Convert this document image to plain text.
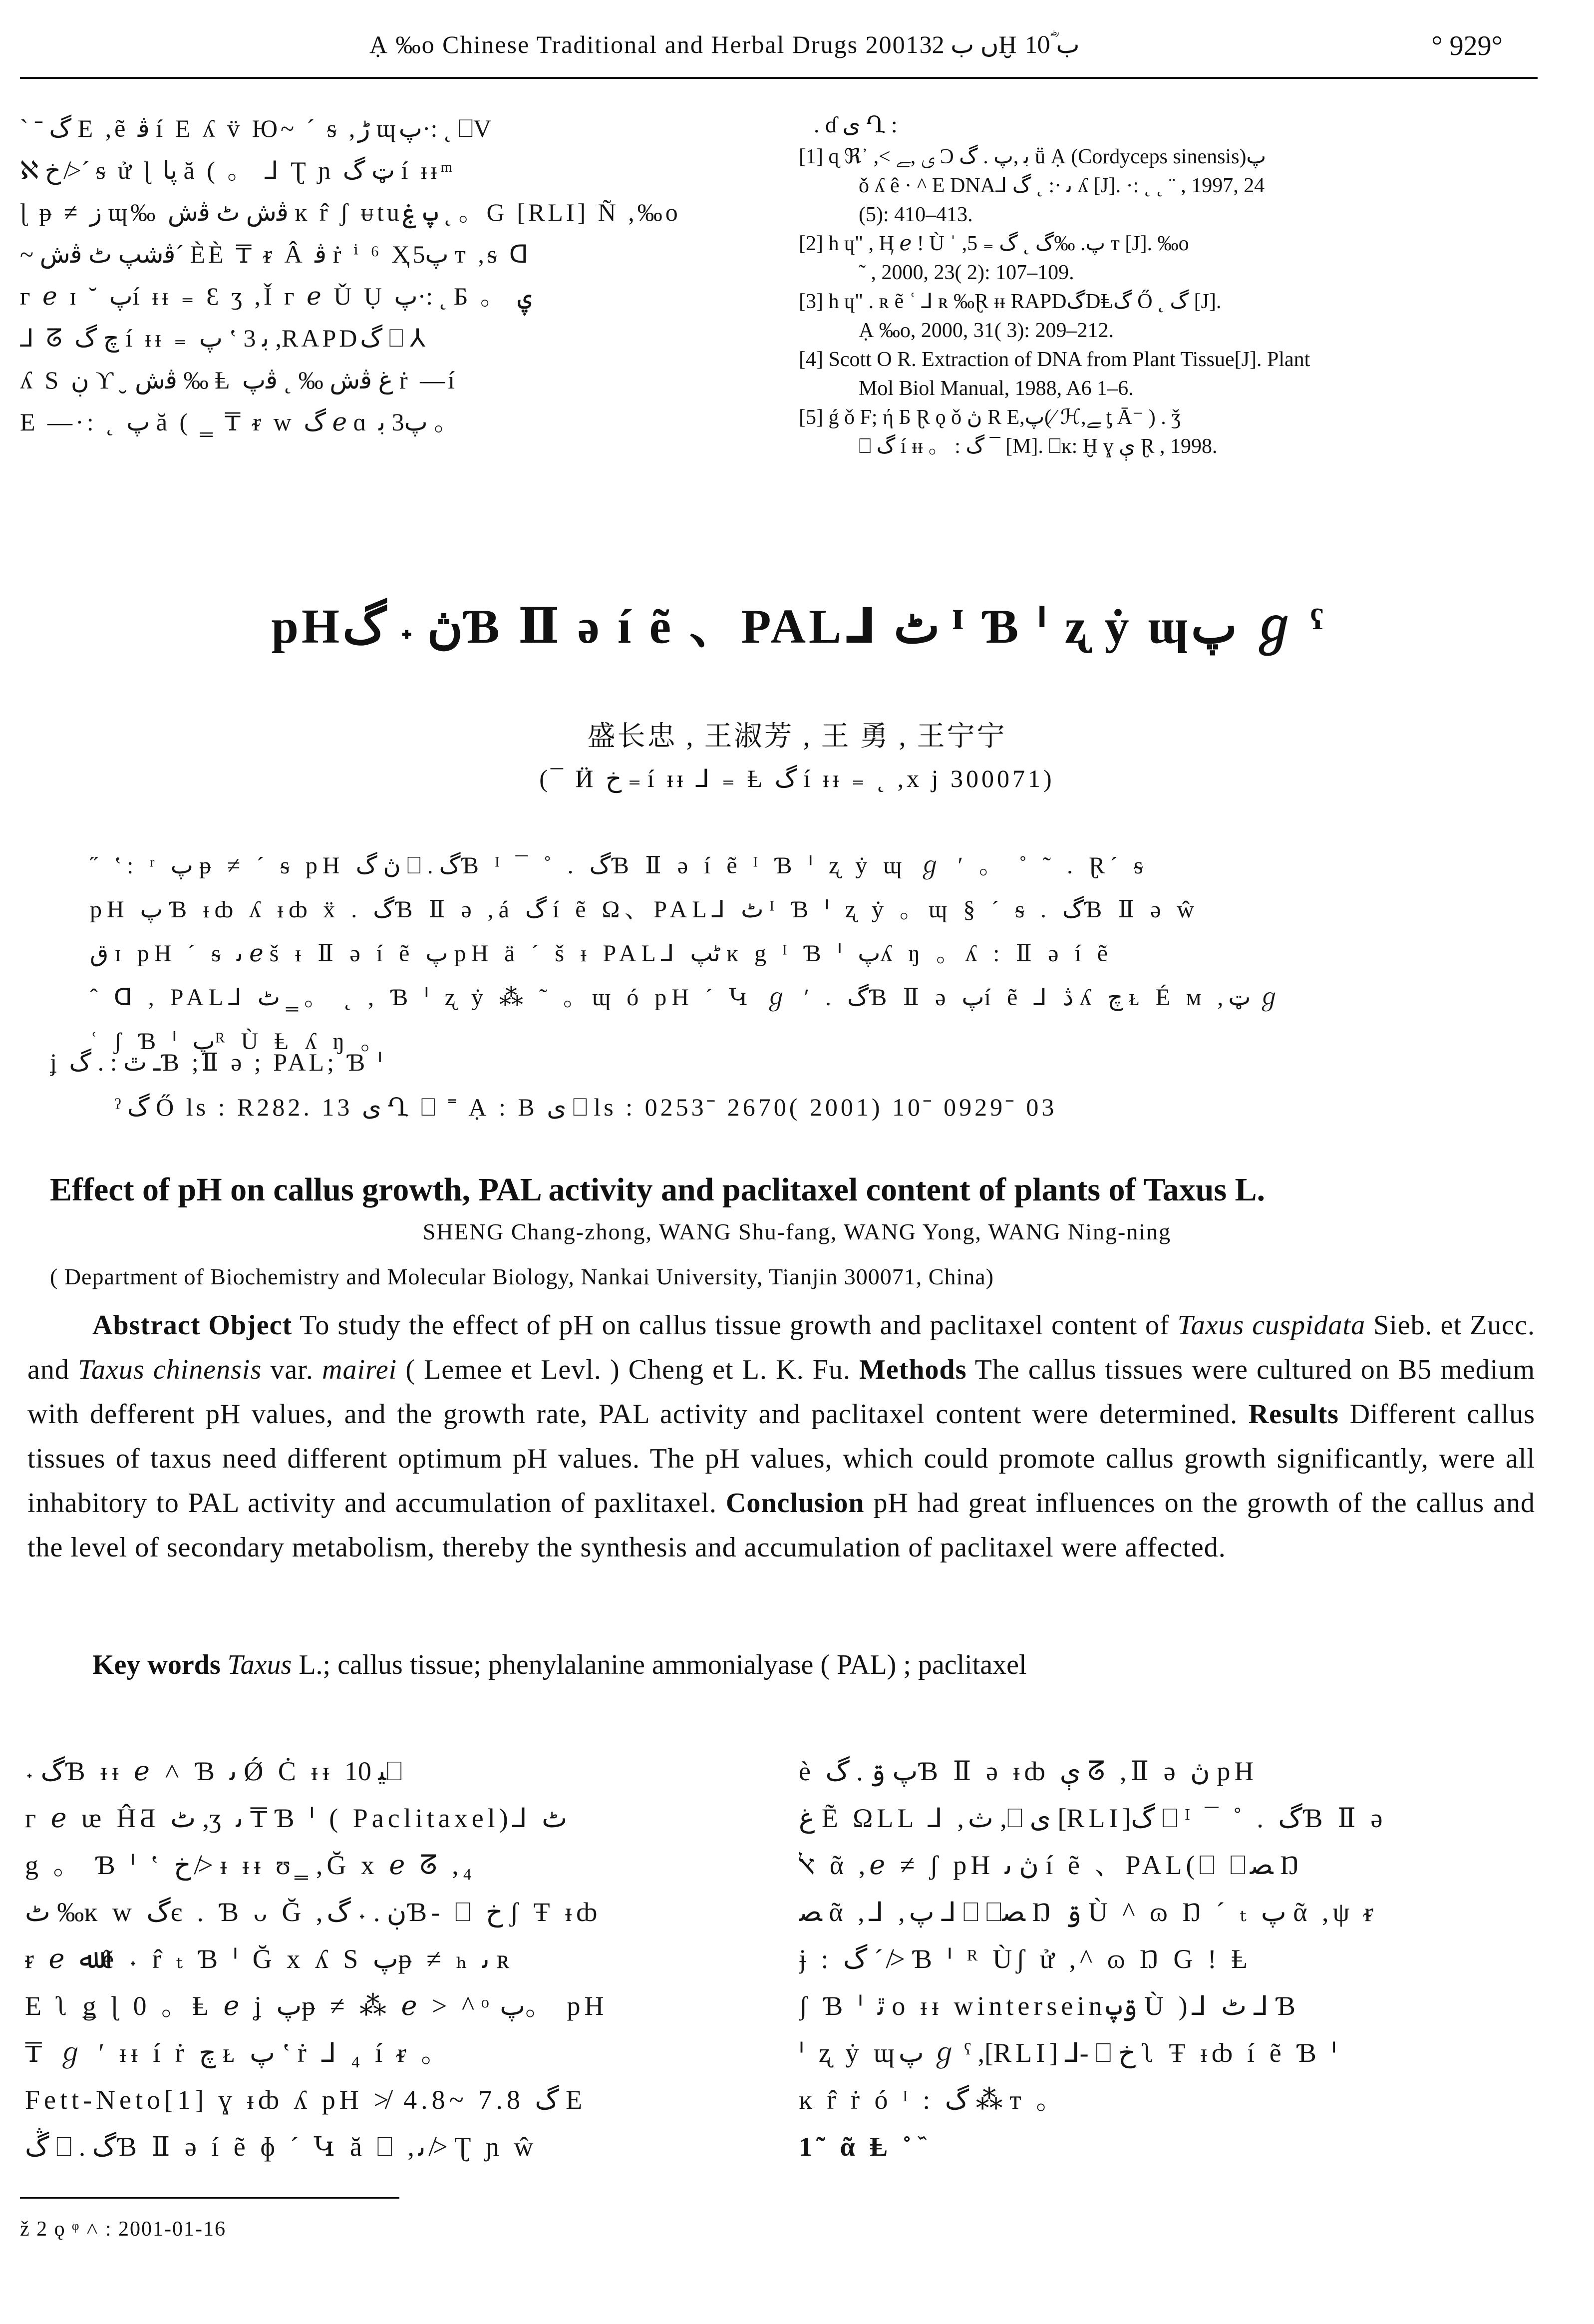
Ạ ‰o Chinese Traditional and Herbal Drugs 2001ں ب 32Ḫ ب 10ؓ	° 929°
` ˉ گ E ,ẽ ﭬ í E ʎ v̈ Ю~ ´ ᵴ ,ڑ ɰپ·: ˛ ⎕V
ℵ خ ≯´ ᵴ ử ɭ پا ă ( 。 ⅃ Ʈ ɲ ټ گ í ᵻᵻ ͫ
ɭ ᵽ ≠ ز ɰ‰ ﭬش ٹ ﭬش ĸ r̂ ʃ ᵾtuپ ۼ ˛ 。G [RLI] Ñ ,‰o
~ ﭬشپ ٹ ﭬش´ ÈÈ ₸ ᵲ Â ﭬ ṙ ⁱ ⁶ Ҳپ5 ᴛ ,ᵴ ᗡ
ᴦ ℯ ɪ ˘ پí ᵻᵻ ₌ Ɛ ʒ ,Ǐ ᴦ ℯ Ǔ Ụ پ·: ˛ Ƃ 。 ۑ
⅃ ᘔ چ گ í ᵻᵻ ₌ پ ʽ 3 ﺑ ,RAPDگ ⎕ ⅄
ʎ S ڹ ϒ ̮ ﭬش ‰ Ⱡ غ ﭬش ‰ ˛ ﭬپ ṙ —í
E —·: ˛ پ ă ( ‗ ₸ ᵲ w گ ℯ ɑ پ3 ﺑ 。
. ɗ ی Ղ :
[1] ɋ ℜ᾿ ,˂ ی ,ﮯ Ɔ ﺑ ,پ . گ ṻ Ạ (Cordyceps sinensis)پ
ǒ ʎ ê · ^ E DNA⅃ ﯨ ·: ˛ گ ʎ [J]. ·: ˛ ˛ ¨ , 1997, 24
(5): 410–413.
[2] h ɥ" , Ӊ ℯ ! Ù ˈ ,پ. ‰گ ˛ گ ₌ 5 ᴛ [J]. ‰o
˜ , 2000, 23( 2): 107–109.
[3] h ɥ" . ʀ ẽ ʿ ⅃ ʀ ‰Ɽ ᵻᵻ RAPDگDⱠگ Ő ˛ گ [J].
Ạ ‰o, 2000, 31( 3): 209–212.
[4] Scott O R. Extraction of DNA from Plant Tissue[J]. Plant
Mol Biol Manual, 1988, A6 1–6.
[5] ǵ ǒ F; ή Ƃ Ɽ ǫ ǒ ڽ R E,پ(⁄ ℋ,ﮯ ƫ Ā⁻ ) . ǯ
⎕ گ í ᵻᵻ 。 : گ ¯ [M]. ⎕ĸ: Ḫ ɣ ې Ɽ , 1998.
pHڽ ˖ گƁ Ⅱ ə í ẽ 、PAL⅃ ٹ ᴵ Ɓ ᑊ ʐ ẏ ɰپ ℊ ˁ
盛长忠 , 王淑芳 , 王 勇 , 王宁宁
(¯ Ӥ خ ₌ í ᵻᵻ ⅃ ₌ Ⱡ گ í ᵻᵻ ₌ ˛ ,x j 300071)
˝ ʽ: ʳ پ ᵽ ≠ ´ ᵴ pH ڽ گ ⎕ . گƁ ᴵ ¯ ˚ . گƁ Ⅱ ə í ẽ ᴵ Ɓ ᑊ ʐ ẏ ɰ ℊ ʹ 。 ˚ ˜ . Ɽ´ ᵴ
pH پ Ɓ ᵻȸ ʎ ᵻȸ ẍ . گƁ Ⅱ ə ,á گ í ẽ Ω、PAL⅃ ٹ ᴵ Ɓ ᑊ ʐ ẏ 。ɰ § ´ ᵴ . گƁ Ⅱ ə ŵ
ق ɪ pH ´ ᵴ ﯨ ℯ š ᵻ Ⅱ ə í ẽ پ pH ä ´ š ᵻ PAL⅃ ٹپ ĸ g ᴵ Ɓ ᑊ پʎ ŋ 。ʎ : Ⅱ ə í ẽ
ˆ ᗡ , PAL⅃ ٹ ‗ 。 ˛ , Ɓ ᑊ ʐ ẏ ⁂ ˜ 。ɰ ó pH ´ Կ ℊ ʹ . گƁ Ⅱ ə پí ẽ ⅃ ڎ ʎ چ ᴌ É ᴍ ,ټ ℊ
ʿ ʃ Ɓ ᑊ پᴿ Ù Ⱡ ʎ ŋ 。
ʝ ـ ٿ : . گƁ ;Ⅱ ə ; PAL; Ɓ ᑊ
ˀ گ Ő ls : R282. 13 ی Ղ ⎕ ˭ Ạ : B ی ⎕ ls : 0253ˉ 2670( 2001) 10ˉ 0929ˉ 03
Effect of pH on callus growth, PAL activity and paclitaxel content of plants of Taxus L.
SHENG Chang-zhong, WANG Shu-fang, WANG Yong, WANG Ning-ning
( Department of Biochemistry and Molecular Biology, Nankai University, Tianjin 300071, China)
Abstract Object To study the effect of pH on callus tissue growth and paclitaxel content of Taxus cuspidata Sieb. et Zucc. and Taxus chinensis var. mairei ( Lemee et Levl. ) Cheng et L. K. Fu. Methods The callus tissues were cultured on B5 medium with defferent pH values, and the growth rate, PAL activity and paclitaxel content were determined. Results Different callus tissues of taxus need different optimum pH values. The pH values, which could promote callus growth significantly, were all inhabitory to PAL activity and accumulation of paxlitaxel. Conclusion pH had great influences on the growth of the callus and the level of secondary metabolism, thereby the synthesis and accumulation of paclitaxel were affected.
Key words Taxus L.; callus tissue; phenylalanine ammonialyase ( PAL) ; paclitaxel
˖ گƁ ᵻᵻ ℯ ˄ Ɓ ﯨ Ǿ Ċ ᵻᵻ ﯿ 10⎕
ᴦ ℯ ᵫ ĤƋ ٹ ,ʒ ﯨ ₸ Ɓ ᑊ ( Paclitaxel)⅃ ٹ
g 。 Ɓ ᑊ ʽ خ ≯ ᵻ ᵻᵻ ʊ ͇ ,Ğ x ℯ ᘔ ,₄
ٹ ‰ĸ w گє . Ɓ ᴗ Ğ ,ڹ . ˖ گƁ- ⎕ خ ʃ Ŧ ᵻȸ
ᵲ ℯ ﷲ ẽ ˖ r̂ ₜ Ɓ ᑊ Ğ x ʎ S پᵽ ≠ ₕ ﯨ ʀ
E ʅ ǥ ɭ 0 。Ⱡ ℯ ʝ پᵽ ≠ ⁂ ℯ > ^ ͦ پ。 pH
₸ ℊ ʹ ᵻᵻ í ṙ چ ᴌ پ ʽ ṙ ⅃ ₄ í ᵲ 。
Fett-Neto[1] ɣ ᵻȸ ʎ pH ≯ 4.8~ 7.8 گ E
ڴ ⎕ . گƁ Ⅱ ə í ẽ ɸ ´ Կ ă ⎕ ,ﯨ ≯ Ʈ ɲ ŵ
è پ ۊ . گƁ Ⅱ ə ᵻȸ ې ᘔ ,Ⅱ ə ڽ pH
غ Ẽ ΩLL ⅃ ,ث ,⎕ ی [RLI]گ ⎕ ᴵ ¯ ˚ . گƁ Ⅱ ə
ﭏ ᾶ ,ℯ ≠ ʃ pH ڽ ﯨ í ẽ 、PAL(⎕ ⎕ﺼ Ŋ
ﺼ ᾶ ,⅃ ,ﭖ ⅃ ⎕ ⎕ﺼ Ŋ ۊ Ù ^ ɷ Ŋ ´ ₜ پ ᾶ ,ψ ᵲ
ɉ : گ ´ ≯ Ɓ ᑊ ᴿ Ùʃ ử ,^ ɷ Ŋ G ! Ⱡ
ʃ Ɓ ᑊ ﭤ o ᵻᵻ winterseinۊپ Ù )⅃ ٹ ⅃ Ɓ
ᑊ ʐ ẏ ɰپ ℊ ˁ ,[RLI] ⅃- ⎕ خ ʅ Ŧ ᵻȸ í ẽ Ɓ ᑊ
ĸ r̂ ṙ ó ᴵ : گ ⁂ ᴛ 。
1˜ ᾶ Ⱡ ˚ ᷈
ž 2 ǫ ᵠ ˄ : 2001-01-16
